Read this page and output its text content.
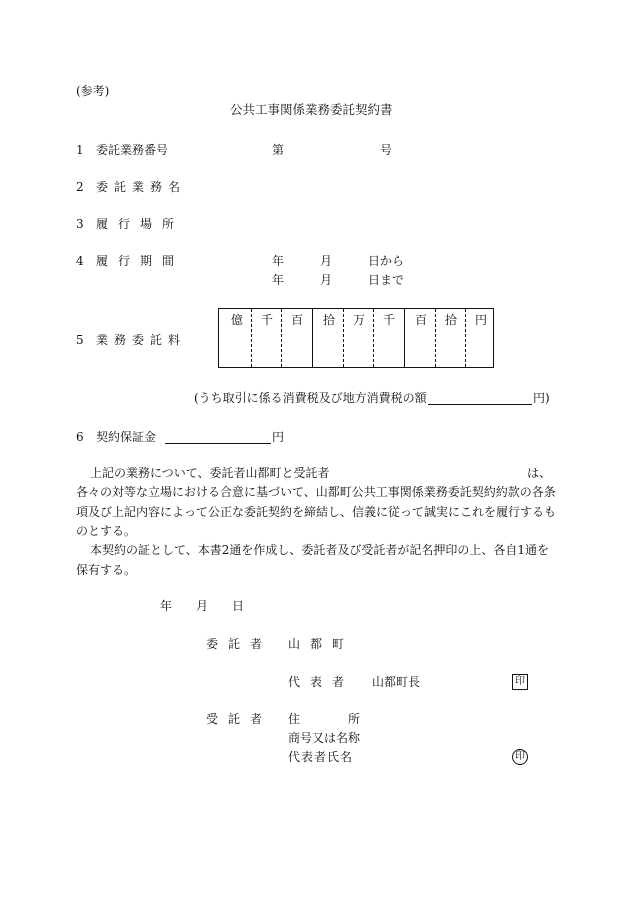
(参考)
公共工事関係業務委託契約書
1 委託業務番号	第	号
2 委託業務名
3 履行場所
4 履行期間	年	月	日から
年	月	日まで
5 業務委託料
億	千	百	拾	万	千	百	拾	円
(うち取引に係る消費税及び地方消費税の額	円)
6 契約保証金	円
上記の業務について、委託者山都町と受託者	は、
各々の対等な立場における合意に基づいて、山都町公共工事関係業務委託契約約款の各条項及び上記内容によって公正な委託契約を締結し、信義に従って誠実にこれを履行するものとする。
本契約の証として、本書2通を作成し、委託者及び受託者が記名押印の上、各自1通を保有する。
年 月 日
委託者 山都町
代表者 山都町長	印
受託者 住	所
商号又は名称
代表者氏名	印
